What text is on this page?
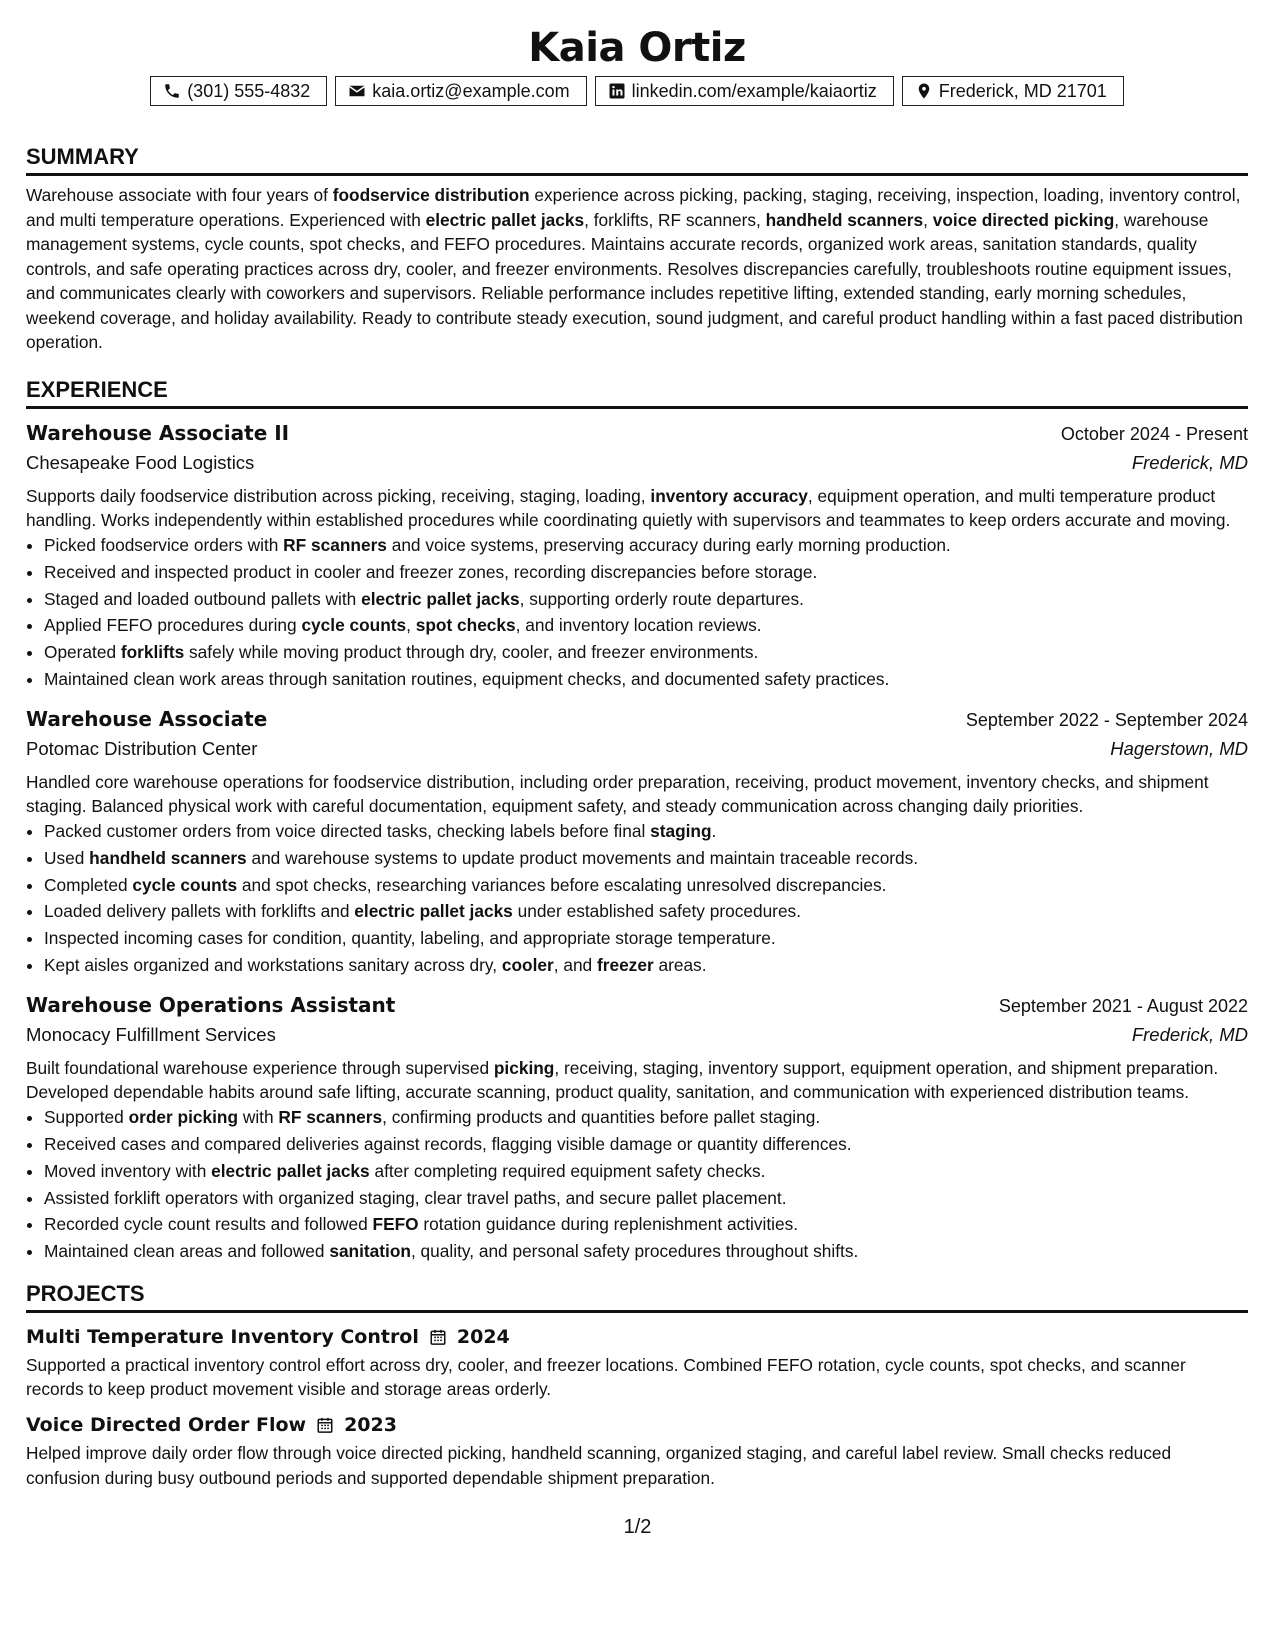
Kaia Ortiz
(301) 555-4832	kaia.ortiz@example.com	linkedin.com/example/kaiaortiz	Frederick, MD 21701
SUMMARY
Warehouse associate with four years of foodservice distribution experience across picking, packing, staging, receiving, inspection, loading, inventory control, and multi temperature operations. Experienced with electric pallet jacks, forklifts, RF scanners, handheld scanners, voice directed picking, warehouse management systems, cycle counts, spot checks, and FEFO procedures. Maintains accurate records, organized work areas, sanitation standards, quality controls, and safe operating practices across dry, cooler, and freezer environments. Resolves discrepancies carefully, troubleshoots routine equipment issues, and communicates clearly with coworkers and supervisors. Reliable performance includes repetitive lifting, extended standing, early morning schedules, weekend coverage, and holiday availability. Ready to contribute steady execution, sound judgment, and careful product handling within a fast paced distribution operation.
EXPERIENCE
Warehouse Associate II	October 2024 - Present
Chesapeake Food Logistics	Frederick, MD
Supports daily foodservice distribution across picking, receiving, staging, loading, inventory accuracy, equipment operation, and multi temperature product handling. Works independently within established procedures while coordinating quietly with supervisors and teammates to keep orders accurate and moving.
• Picked foodservice orders with RF scanners and voice systems, preserving accuracy during early morning production.
• Received and inspected product in cooler and freezer zones, recording discrepancies before storage.
• Staged and loaded outbound pallets with electric pallet jacks, supporting orderly route departures.
• Applied FEFO procedures during cycle counts, spot checks, and inventory location reviews.
• Operated forklifts safely while moving product through dry, cooler, and freezer environments.
• Maintained clean work areas through sanitation routines, equipment checks, and documented safety practices.
Warehouse Associate	September 2022 - September 2024
Potomac Distribution Center	Hagerstown, MD
Handled core warehouse operations for foodservice distribution, including order preparation, receiving, product movement, inventory checks, and shipment staging. Balanced physical work with careful documentation, equipment safety, and steady communication across changing daily priorities.
• Packed customer orders from voice directed tasks, checking labels before final staging.
• Used handheld scanners and warehouse systems to update product movements and maintain traceable records.
• Completed cycle counts and spot checks, researching variances before escalating unresolved discrepancies.
• Loaded delivery pallets with forklifts and electric pallet jacks under established safety procedures.
• Inspected incoming cases for condition, quantity, labeling, and appropriate storage temperature.
• Kept aisles organized and workstations sanitary across dry, cooler, and freezer areas.
Warehouse Operations Assistant	September 2021 - August 2022
Monocacy Fulfillment Services	Frederick, MD
Built foundational warehouse experience through supervised picking, receiving, staging, inventory support, equipment operation, and shipment preparation. Developed dependable habits around safe lifting, accurate scanning, product quality, sanitation, and communication with experienced distribution teams.
• Supported order picking with RF scanners, confirming products and quantities before pallet staging.
• Received cases and compared deliveries against records, flagging visible damage or quantity differences.
• Moved inventory with electric pallet jacks after completing required equipment safety checks.
• Assisted forklift operators with organized staging, clear travel paths, and secure pallet placement.
• Recorded cycle count results and followed FEFO rotation guidance during replenishment activities.
• Maintained clean areas and followed sanitation, quality, and personal safety procedures throughout shifts.
PROJECTS
Multi Temperature Inventory Control 2024
Supported a practical inventory control effort across dry, cooler, and freezer locations. Combined FEFO rotation, cycle counts, spot checks, and scanner records to keep product movement visible and storage areas orderly.
Voice Directed Order Flow 2023
Helped improve daily order flow through voice directed picking, handheld scanning, organized staging, and careful label review. Small checks reduced confusion during busy outbound periods and supported dependable shipment preparation.
1/2
